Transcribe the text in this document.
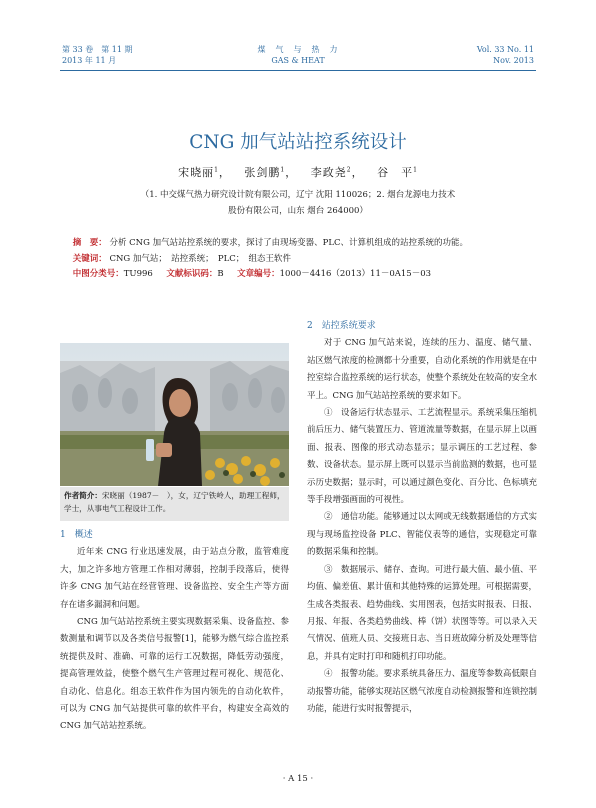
第 33 卷　第 11 期
2013 年 11 月
煤　气　与　热　力
GAS & HEAT
Vol. 33 No. 11
Nov. 2013
CNG 加气站站控系统设计
宋晓丽$^1$，   张剑鹏$^1$，   李政尧$^2$，   谷　平$^1$
（1. 中交煤气热力研究设计院有限公司，辽宁 沈阳 110026；2. 烟台龙源电力技术
股份有限公司，山东 烟台 264000）
摘　要： 分析 CNG 加气站站控系统的要求，探讨了由现场变器、PLC、计算机组成的站控系统的功能。
关键词： CNG 加气站；　站控系统；　PLC；　组态王软件
中图分类号：TU996 文献标识码：B 文章编号：1000－4416（2013）11－0A15－03
作者简介：宋晓丽（1987－　），女，辽宁铁岭人，助理工程师，学士，从事电气工程设计工作。
1　概述
近年来 CNG 行业迅速发展，由于站点分散，监管难度大，加之许多地方管理工作相对薄弱，控制手段落后，使得许多 CNG 加气站在经营管理、设备监控、安全生产等方面存在诸多漏洞和问题。
CNG 加气站站控系统主要实现数据采集、设备监控、参数测量和调节以及各类信号报警[1]，能够为燃气综合监控系统提供及时、准确、可靠的运行工况数据，降低劳动强度，提高管理效益，使整个燃气生产管理过程可视化、规范化、自动化、信息化。组态王软件作为国内领先的自动化软件，可以为 CNG 加气站提供可靠的软件平台，构建安全高效的 CNG 加气站站控系统。
2　站控系统要求
对于 CNG 加气站来说，连续的压力、温度、储气量、站区燃气浓度的检测都十分重要，自动化系统的作用就是在中控室综合监控系统的运行状态，使整个系统处在较高的安全水平上。CNG 加气站站控系统的要求如下。
①　设备运行状态显示、工艺流程显示。系统采集压缩机前后压力、储气装置压力、管道流量等数据，在显示屏上以画面、报表、图像的形式动态显示；显示调压的工艺过程、参数、设备状态。显示屏上既可以显示当前监测的数据，也可显示历史数据；显示时，可以通过颜色变化、百分比、色标填充等手段增强画面的可视性。
②　通信功能。能够通过以太网或无线数据通信的方式实现与现场监控设备 PLC、智能仪表等的通信，实现稳定可靠的数据采集和控制。
③　数据展示、储存、查询。可进行最大值、最小值、平均值、偏差值、累计值和其他特殊的运算处理。可根据需要，生成各类报表、趋势曲线、实用图表，包括实时报表、日报、月报、年报、各类趋势曲线、棒（饼）状图等等。可以录入天气情况、值班人员、交接班日志、当日班故障分析及处理等信息，并具有定时打印和随机打印功能。
④　报警功能。要求系统具备压力、温度等参数高低限自动报警功能，能够实现站区燃气浓度自动检测报警和连锁控制功能，能进行实时报警提示，
· A 15 ·
